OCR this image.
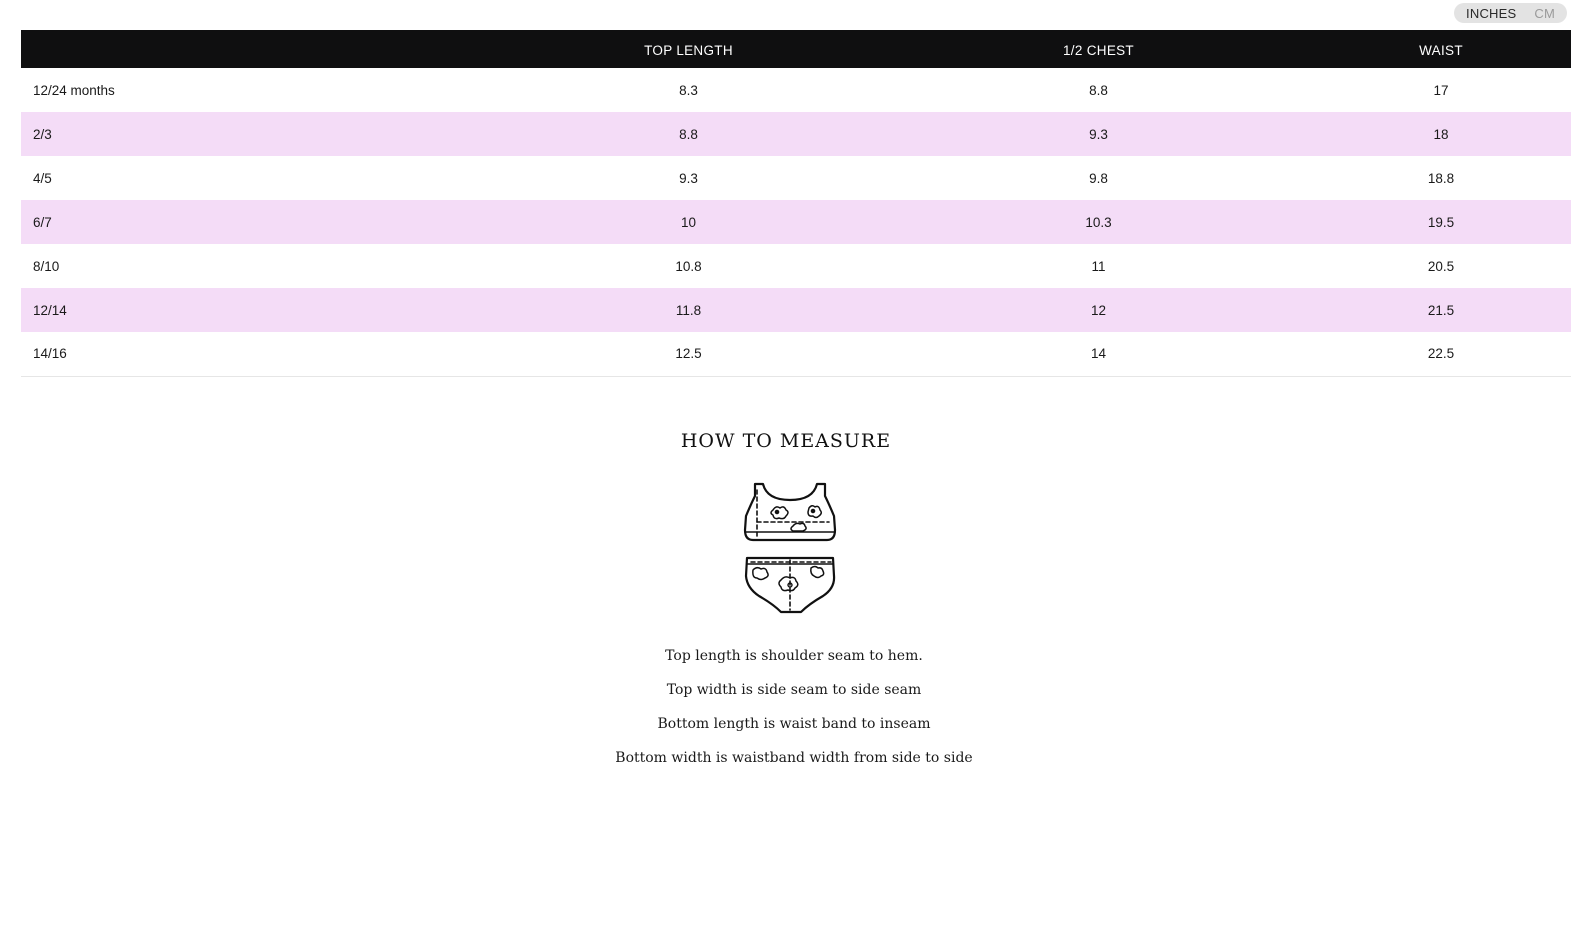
INCHES CM
	TOP LENGTH	1/2 CHEST	WAIST
12/24 months	8.3	8.8	17
2/3	8.8	9.3	18
4/5	9.3	9.8	18.8
6/7	10	10.3	19.5
8/10	10.8	11	20.5
12/14	11.8	12	21.5
14/16	12.5	14	22.5
HOW TO MEASURE

Top length is shoulder seam to hem.

Top width is side seam to side seam

Bottom length is waist band to inseam

Bottom width is waistband width from side to side
